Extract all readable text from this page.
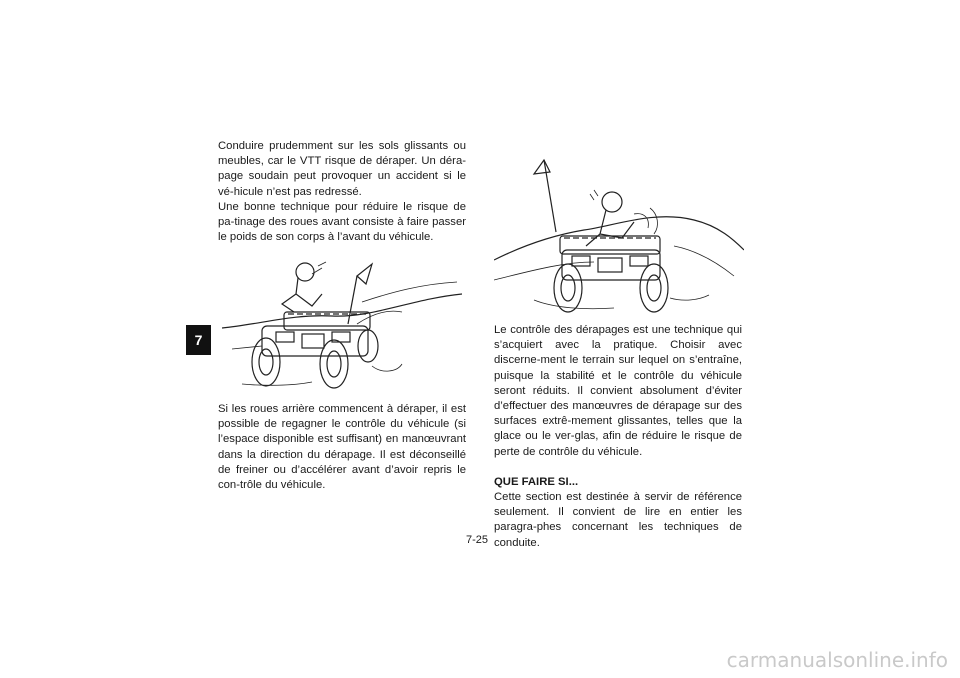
7

Conduire prudemment sur les sols glissants ou meubles, car le VTT risque de déraper. Un déra-page soudain peut provoquer un accident si le vé-hicule n’est pas redressé.

Une bonne technique pour réduire le risque de pa-tinage des roues avant consiste à faire passer le poids de son corps à l’avant du véhicule.

Si les roues arrière commencent à déraper, il est possible de regagner le contrôle du véhicule (si l’espace disponible est suffisant) en manœuvrant dans la direction du dérapage. Il est déconseillé de freiner ou d’accélérer avant d’avoir repris le con-trôle du véhicule.

Le contrôle des dérapages est une technique qui s’acquiert avec la pratique. Choisir avec discerne-ment le terrain sur lequel on s’entraîne, puisque la stabilité et le contrôle du véhicule seront réduits. Il convient absolument d’éviter d’effectuer des manœuvres de dérapage sur des surfaces extrê-mement glissantes, telles que la glace ou le ver-glas, afin de réduire le risque de perte de contrôle du véhicule.

QUE FAIRE SI...

Cette section est destinée à servir de référence seulement. Il convient de lire en entier les paragra-phes concernant les techniques de conduite.

7-25
carmanualsonline.info
